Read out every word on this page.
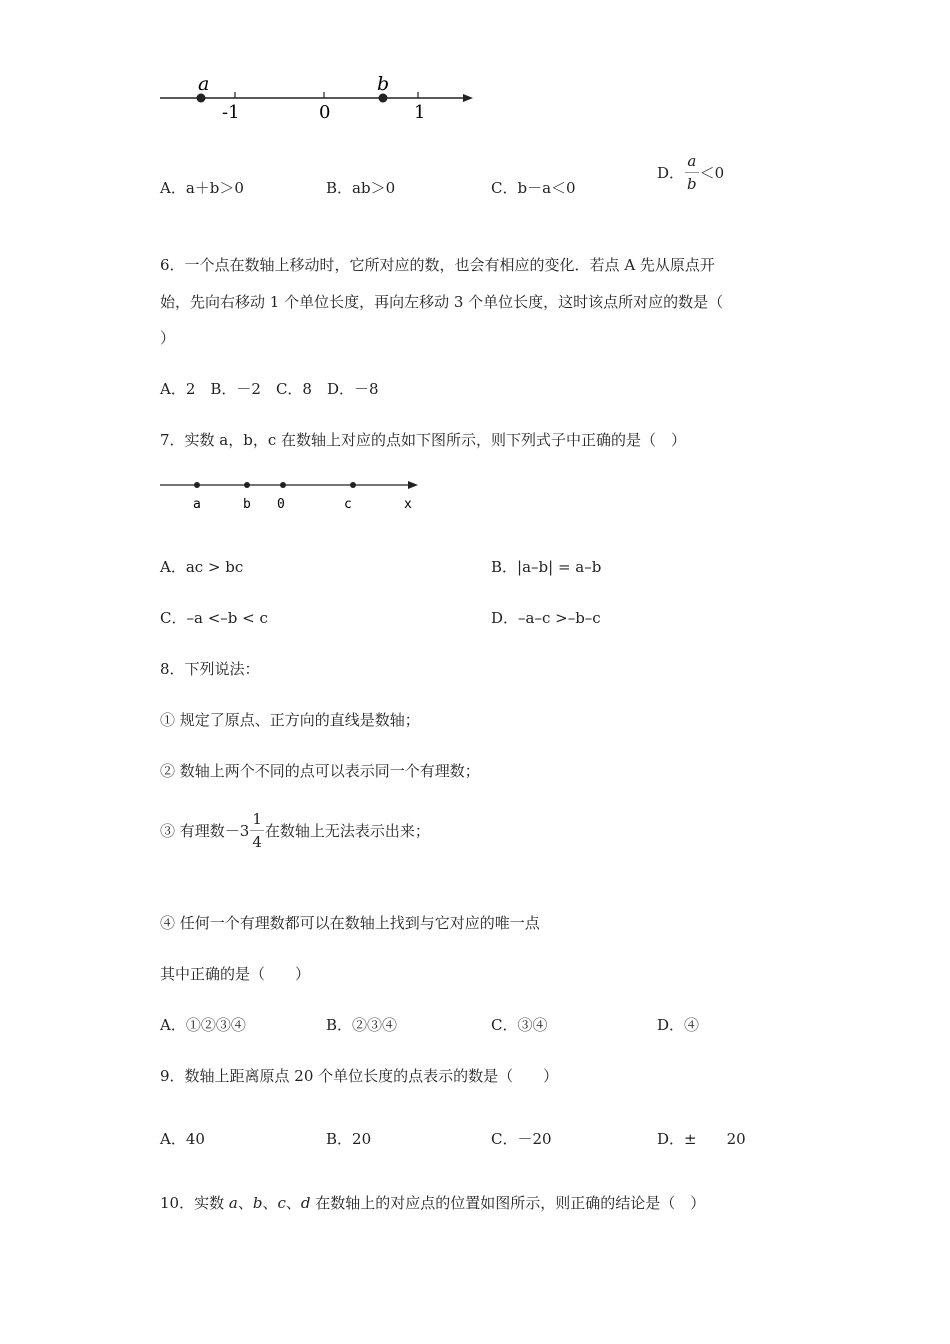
a	b
-1	0	1
A．a＋b＞0	B．ab＞0	C．b－a＜0
D． $\frac{a}{b} <0$
6．一个点在数轴上移动时，它所对应的数，也会有相应的变化．若点 A 先从原点开
始，先向右移动 1 个单位长度，再向左移动 3 个单位长度，这时该点所对应的数是（
）
A．2　B．－2　C．8　D．－8
7．实数 a，b，c 在数轴上对应的点如下图所示，则下列式子中正确的是（　）
a	b 0	c	x
A．ac > bc	B．|a–b| = a–b
C．–a <–b < c	D．–a–c >–b–c
8．下列说法：
① 规定了原点、正方向的直线是数轴；
② 数轴上两个不同的点可以表示同一个有理数；
③ 有理数$-3 \frac{1}{4}$ 在数轴上无法表示出来；
④ 任何一个有理数都可以在数轴上找到与它对应的唯一点
其中正确的是（　　）
A．①②③④	B．②③④	C．③④	D．④
9．数轴上距离原点 20 个单位长度的点表示的数是（　　）
A．40	B．20	C．－20	D．±　　20
10．实数 a、b、c、d 在数轴上的对应点的位置如图所示，则正确的结论是（　）
